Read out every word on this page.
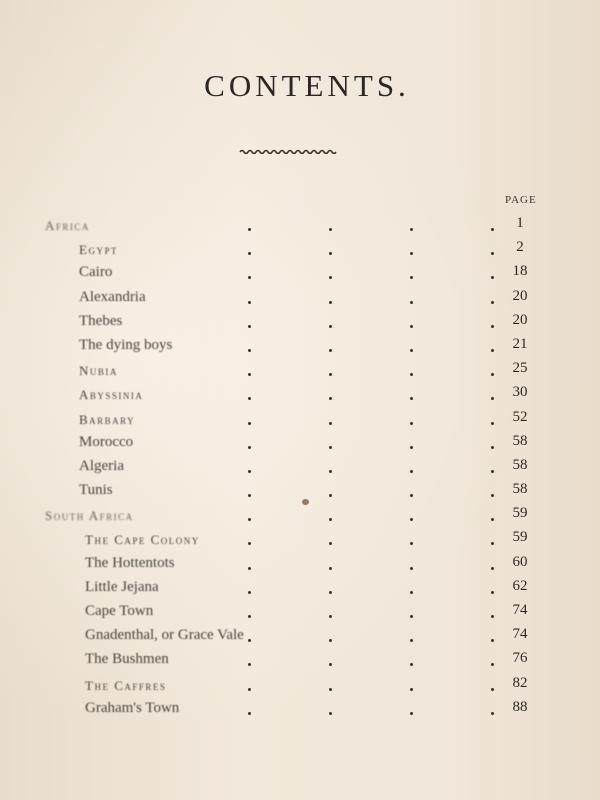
CONTENTS.
PAGE
Africa	1
Egypt	2
Cairo	18
Alexandria	20
Thebes	20
The dying boys	21
Nubia	25
Abyssinia	30
Barbary	52
Morocco	58
Algeria	58
Tunis	58
South Africa	59
The Cape Colony	59
The Hottentots	60
Little Jejana	62
Cape Town	74
Gnadenthal, or Grace Vale	74
The Bushmen	76
The Caffres	82
Graham's Town	88
